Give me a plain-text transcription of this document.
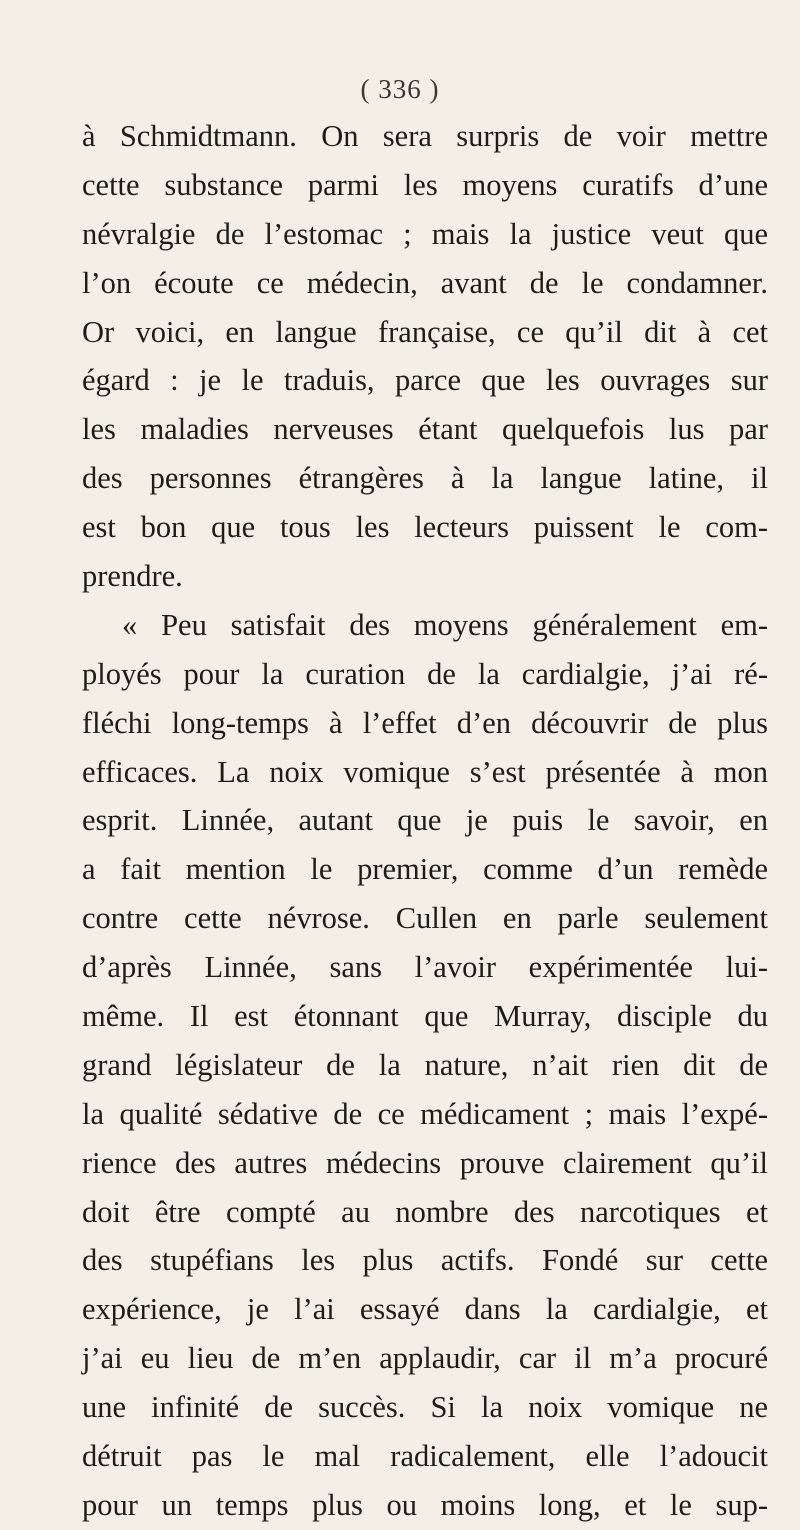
( 336 )
à Schmidtmann. On sera surpris de voir mettre
cette substance parmi les moyens curatifs d’une
névralgie de l’estomac ; mais la justice veut que
l’on écoute ce médecin, avant de le condamner.
Or voici, en langue française, ce qu’il dit à cet
égard : je le traduis, parce que les ouvrages sur
les maladies nerveuses étant quelquefois lus par
des personnes étrangères à la langue latine, il
est bon que tous les lecteurs puissent le com-
prendre.
« Peu satisfait des moyens généralement em-
ployés pour la curation de la cardialgie, j’ai ré-
fléchi long-temps à l’effet d’en découvrir de plus
efficaces. La noix vomique s’est présentée à mon
esprit. Linnée, autant que je puis le savoir, en
a fait mention le premier, comme d’un remède
contre cette névrose. Cullen en parle seulement
d’après Linnée, sans l’avoir expérimentée lui-
même. Il est étonnant que Murray, disciple du
grand législateur de la nature, n’ait rien dit de
la qualité sédative de ce médicament ; mais l’expé-
rience des autres médecins prouve clairement qu’il
doit être compté au nombre des narcotiques et
des stupéfians les plus actifs. Fondé sur cette
expérience, je l’ai essayé dans la cardialgie, et
j’ai eu lieu de m’en applaudir, car il m’a procuré
une infinité de succès. Si la noix vomique ne
détruit pas le mal radicalement, elle l’adoucit
pour un temps plus ou moins long, et le sup-
